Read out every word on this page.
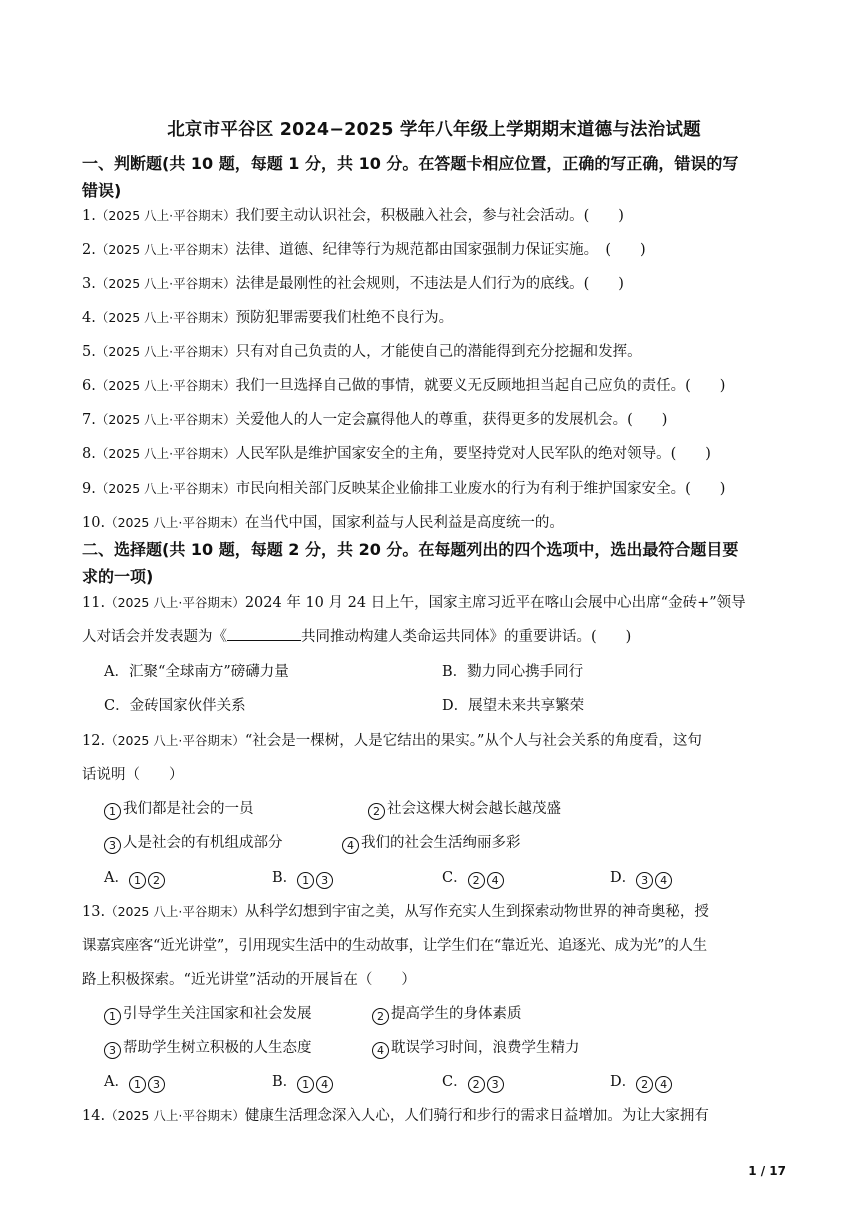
北京市平谷区 2024−2025 学年八年级上学期期末道德与法治试题
一、判断题(共 10 题，每题 1 分，共 10 分。在答题卡相应位置，正确的写正确，错误的写
错误)
1.（2025 八上·平谷期末）我们要主动认识社会，积极融入社会，参与社会活动。(　　)
2.（2025 八上·平谷期末）法律、道德、纪律等行为规范都由国家强制力保证实施。　(　　)
3.（2025 八上·平谷期末）法律是最刚性的社会规则，不违法是人们行为的底线。(　　)
4.（2025 八上·平谷期末）预防犯罪需要我们杜绝不良行为。
5.（2025 八上·平谷期末）只有对自己负责的人，才能使自己的潜能得到充分挖掘和发挥。
6.（2025 八上·平谷期末）我们一旦选择自己做的事情，就要义无反顾地担当起自己应负的责任。(　　)
7.（2025 八上·平谷期末）关爱他人的人一定会赢得他人的尊重，获得更多的发展机会。(　　)
8.（2025 八上·平谷期末）人民军队是维护国家安全的主角，要坚持党对人民军队的绝对领导。(　　)
9.（2025 八上·平谷期末）市民向相关部门反映某企业偷排工业废水的行为有利于维护国家安全。(　　)
10.（2025 八上·平谷期末）在当代中国，国家利益与人民利益是高度统一的。
二、选择题(共 10 题，每题 2 分，共 20 分。在每题列出的四个选项中，选出最符合题目要
求的一项)
11.（2025 八上·平谷期末）2024 年 10 月 24 日上午，国家主席习近平在喀山会展中心出席“金砖+”领导
人对话会并发表题为《	共同推动构建人类命运共同体》的重要讲话。(　　)
A．汇聚“全球南方”磅礴力量	B．勠力同心携手同行
C．金砖国家伙伴关系	D．展望未来共享繁荣
12.（2025 八上·平谷期末）“社会是一棵树，人是它结出的果实。”从个人与社会关系的角度看，这句
话说明（　　）
1 我们都是社会的一员	2 社会这棵大树会越长越茂盛
3 人是社会的有机组成部分	4 我们的社会生活绚丽多彩
A． 1 2	B． 1 3	C． 2 4	D． 3 4
13.（2025 八上·平谷期末）从科学幻想到宇宙之美，从写作充实人生到探索动物世界的神奇奥秘，授
课嘉宾座客“近光讲堂”，引用现实生活中的生动故事，让学生们在“靠近光、追逐光、成为光”的人生
路上积极探索。“近光讲堂”活动的开展旨在（　　）
1 引导学生关注国家和社会发展	2 提高学生的身体素质
3 帮助学生树立积极的人生态度	4 耽误学习时间，浪费学生精力
A． 1 3	B． 1 4	C． 2 3	D． 2 4
14.（2025 八上·平谷期末）健康生活理念深入人心，人们骑行和步行的需求日益增加。为让大家拥有
1 / 17
